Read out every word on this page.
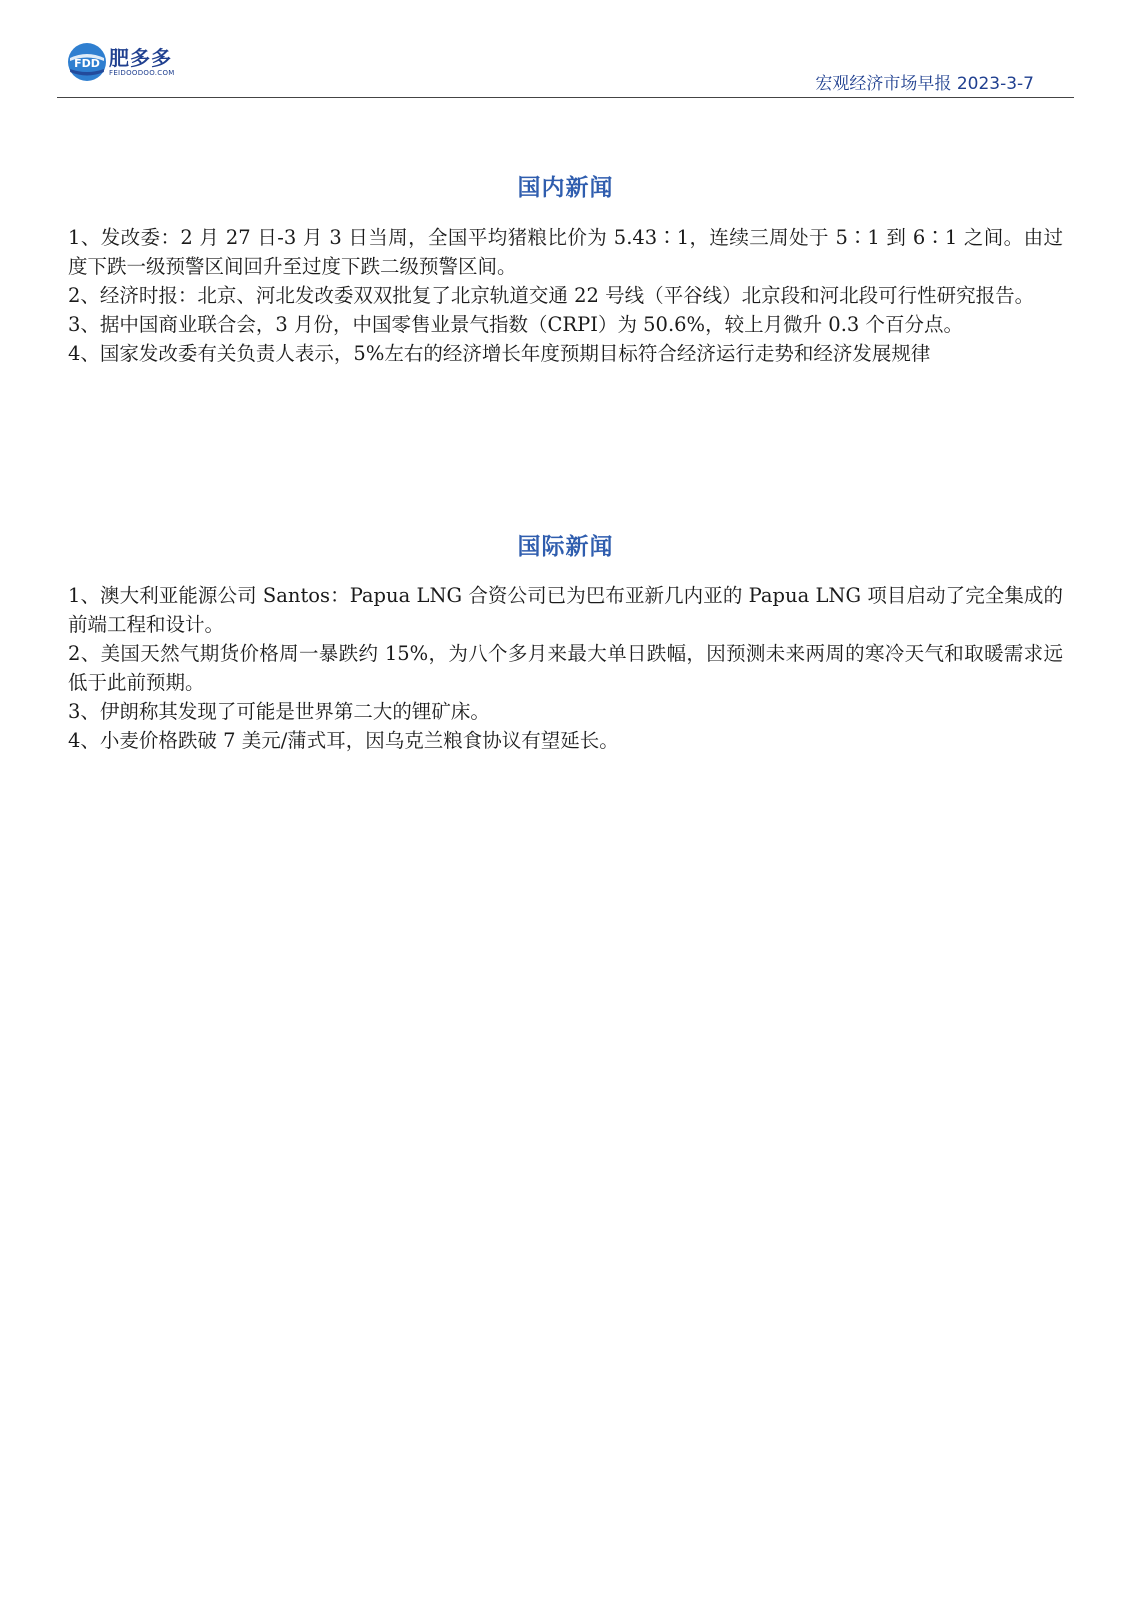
FDD 肥多多
FEIDOODOO.COM
宏观经济市场早报 2023-3-7
国内新闻

1、发改委：2 月 27 日-3 月 3 日当周，全国平均猪粮比价为 5.43∶1，连续三周处于 5∶1 到 6∶1 之间。由过度下跌一级预警区间回升至过度下跌二级预警区间。

2、经济时报：北京、河北发改委双双批复了北京轨道交通 22 号线（平谷线）北京段和河北段可行性研究报告。

3、据中国商业联合会，3 月份，中国零售业景气指数（CRPI）为 50.6%，较上月微升 0.3 个百分点。

4、国家发改委有关负责人表示，5%左右的经济增长年度预期目标符合经济运行走势和经济发展规律

国际新闻

1、澳大利亚能源公司 Santos：Papua LNG 合资公司已为巴布亚新几内亚的 Papua LNG 项目启动了完全集成的前端工程和设计。

2、美国天然气期货价格周一暴跌约 15%，为八个多月来最大单日跌幅，因预测未来两周的寒冷天气和取暖需求远低于此前预期。

3、伊朗称其发现了可能是世界第二大的锂矿床。

4、小麦价格跌破 7 美元/蒲式耳，因乌克兰粮食协议有望延长。
